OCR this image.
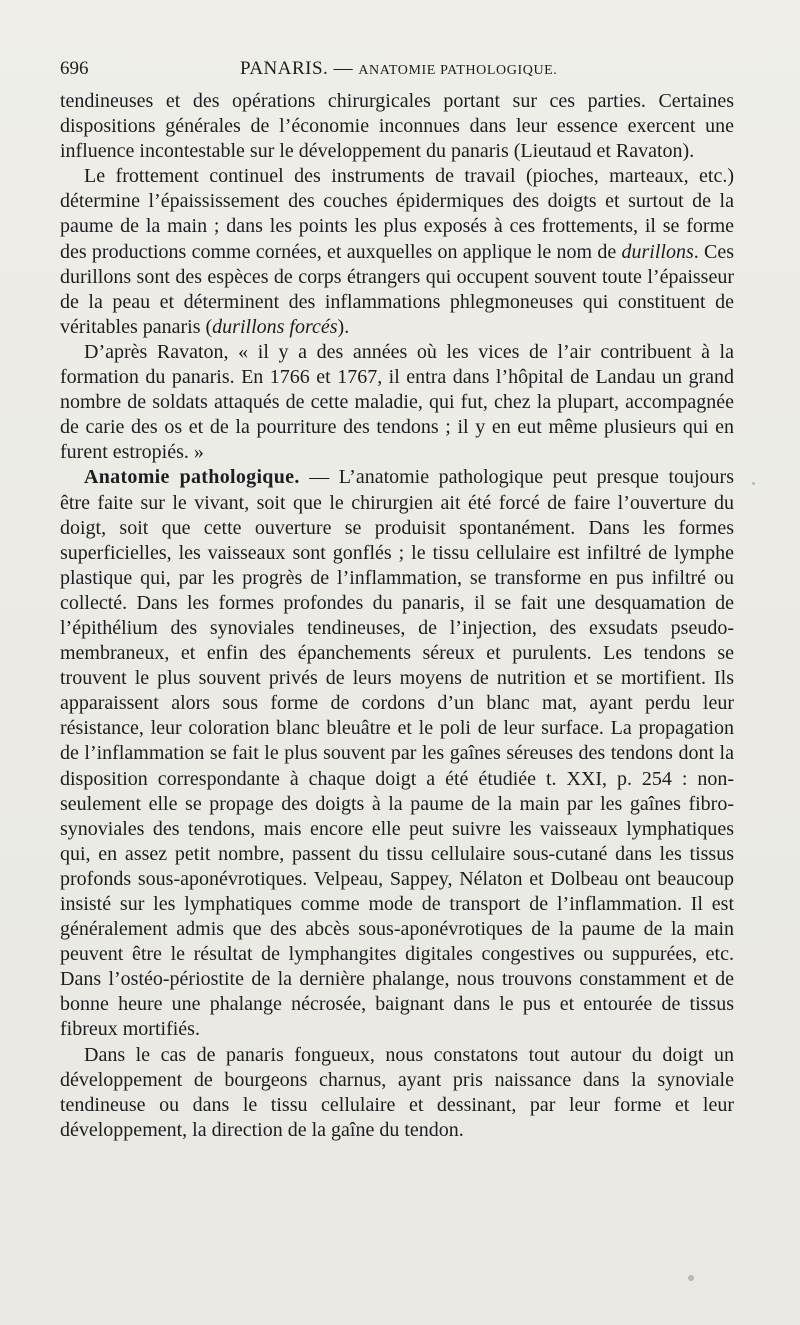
696	PANARIS. — ANATOMIE PATHOLOGIQUE.

tendineuses et des opérations chirurgicales portant sur ces parties. Certaines dispositions générales de l’économie inconnues dans leur essence exercent une influence incontestable sur le développement du panaris (Lieutaud et Ravaton).

Le frottement continuel des instruments de travail (pioches, marteaux, etc.) détermine l’épaississement des couches épidermiques des doigts et surtout de la paume de la main ; dans les points les plus exposés à ces frottements, il se forme des productions comme cornées, et auxquelles on applique le nom de durillons. Ces durillons sont des espèces de corps étrangers qui occupent souvent toute l’épaisseur de la peau et déterminent des inflammations phlegmoneuses qui constituent de véritables panaris (durillons forcés).

D’après Ravaton, « il y a des années où les vices de l’air contribuent à la formation du panaris. En 1766 et 1767, il entra dans l’hôpital de Landau un grand nombre de soldats attaqués de cette maladie, qui fut, chez la plupart, accompagnée de carie des os et de la pourriture des tendons ; il y en eut même plusieurs qui en furent estropiés. »

Anatomie pathologique. — L’anatomie pathologique peut presque toujours être faite sur le vivant, soit que le chirurgien ait été forcé de faire l’ouverture du doigt, soit que cette ouverture se produisit spontanément. Dans les formes superficielles, les vaisseaux sont gonflés ; le tissu cellulaire est infiltré de lymphe plastique qui, par les progrès de l’inflammation, se transforme en pus infiltré ou collecté. Dans les formes profondes du panaris, il se fait une desquamation de l’épithélium des synoviales tendineuses, de l’injection, des exsudats pseudo-membraneux, et enfin des épanchements séreux et purulents. Les tendons se trouvent le plus souvent privés de leurs moyens de nutrition et se mortifient. Ils apparaissent alors sous forme de cordons d’un blanc mat, ayant perdu leur résistance, leur coloration blanc bleuâtre et le poli de leur surface. La propagation de l’inflammation se fait le plus souvent par les gaînes séreuses des tendons dont la disposition correspondante à chaque doigt a été étudiée t. XXI, p. 254 : non-seulement elle se propage des doigts à la paume de la main par les gaînes fibro-synoviales des tendons, mais encore elle peut suivre les vaisseaux lymphatiques qui, en assez petit nombre, passent du tissu cellulaire sous-cutané dans les tissus profonds sous-aponévrotiques. Velpeau, Sappey, Nélaton et Dolbeau ont beaucoup insisté sur les lymphatiques comme mode de transport de l’inflammation. Il est généralement admis que des abcès sous-aponévrotiques de la paume de la main peuvent être le résultat de lymphangites digitales congestives ou suppurées, etc. Dans l’ostéo-périostite de la dernière phalange, nous trouvons constamment et de bonne heure une phalange nécrosée, baignant dans le pus et entourée de tissus fibreux mortifiés.

Dans le cas de panaris fongueux, nous constatons tout autour du doigt un développement de bourgeons charnus, ayant pris naissance dans la synoviale tendineuse ou dans le tissu cellulaire et dessinant, par leur forme et leur développement, la direction de la gaîne du tendon.
